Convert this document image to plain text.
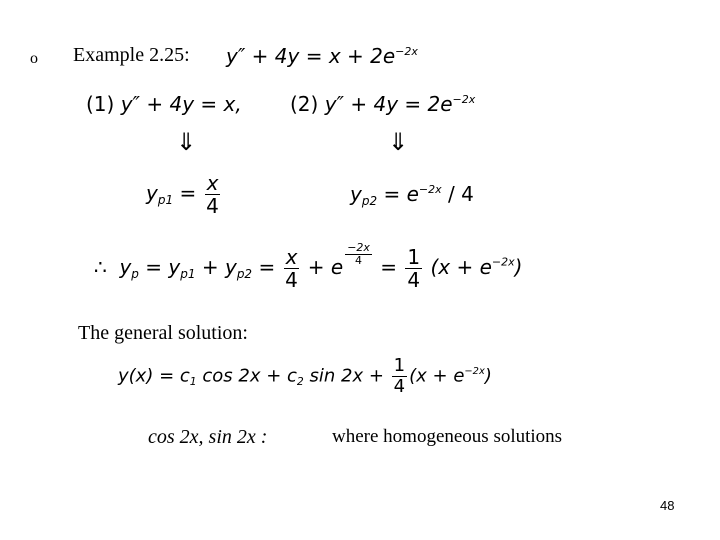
o Example 2.25: $y'' + 4y = x + 2e^{-2x}$
(1) y″ + 4y = x, (2) $y'' + 4y = 2e^{-2x}$
⇓	⇓
$y_{p1} = \frac{x}{4}$	$y_{p2} = e^{-2x} / 4$
∴ $y_p = y_{p1} + y_{p2} = \frac{x}{4} + e \frac{-2x}{4} = \frac{1}{4} (x + e^{-2x})$
The general solution:
$y(x) = c_1$ $\cos 2x + c_2$ $\sin 2x + \frac{1}{4} (x + e^{-2x})$
cos 2x, sin 2x :	where homogeneous solutions
48
